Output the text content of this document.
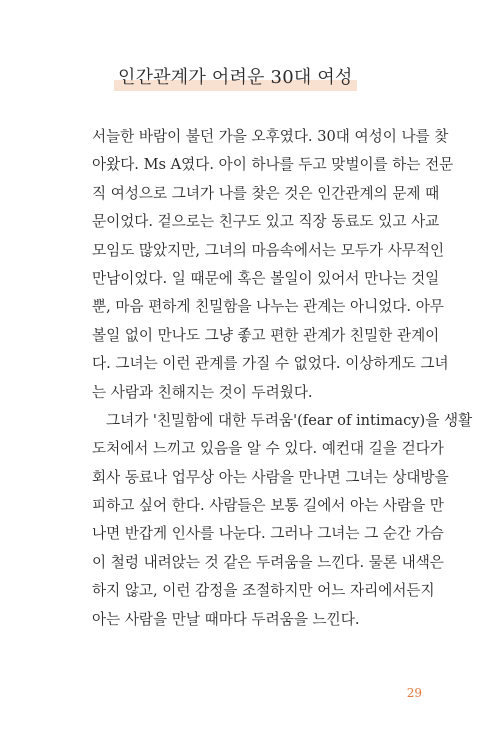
인간관계가 어려운 30대 여성
서늘한 바람이 불던 가을 오후였다. 30대 여성이 나를 찾
아왔다. Ms A였다. 아이 하나를 두고 맞벌이를 하는 전문
직 여성으로 그녀가 나를 찾은 것은 인간관계의 문제 때
문이었다. 겉으로는 친구도 있고 직장 동료도 있고 사교
모임도 많았지만, 그녀의 마음속에서는 모두가 사무적인
만남이었다. 일 때문에 혹은 볼일이 있어서 만나는 것일
뿐, 마음 편하게 친밀함을 나누는 관계는 아니었다. 아무
볼일 없이 만나도 그냥 좋고 편한 관계가 친밀한 관계이
다. 그녀는 이런 관계를 가질 수 없었다. 이상하게도 그녀
는 사람과 친해지는 것이 두려웠다.
그녀가 '친밀함에 대한 두려움'(fear of intimacy)을 생활
도처에서 느끼고 있음을 알 수 있다. 예컨대 길을 걷다가
회사 동료나 업무상 아는 사람을 만나면 그녀는 상대방을
피하고 싶어 한다. 사람들은 보통 길에서 아는 사람을 만
나면 반갑게 인사를 나눈다. 그러나 그녀는 그 순간 가슴
이 철렁 내려앉는 것 같은 두려움을 느낀다. 물론 내색은
하지 않고, 이런 감정을 조절하지만 어느 자리에서든지
아는 사람을 만날 때마다 두려움을 느낀다.
29
